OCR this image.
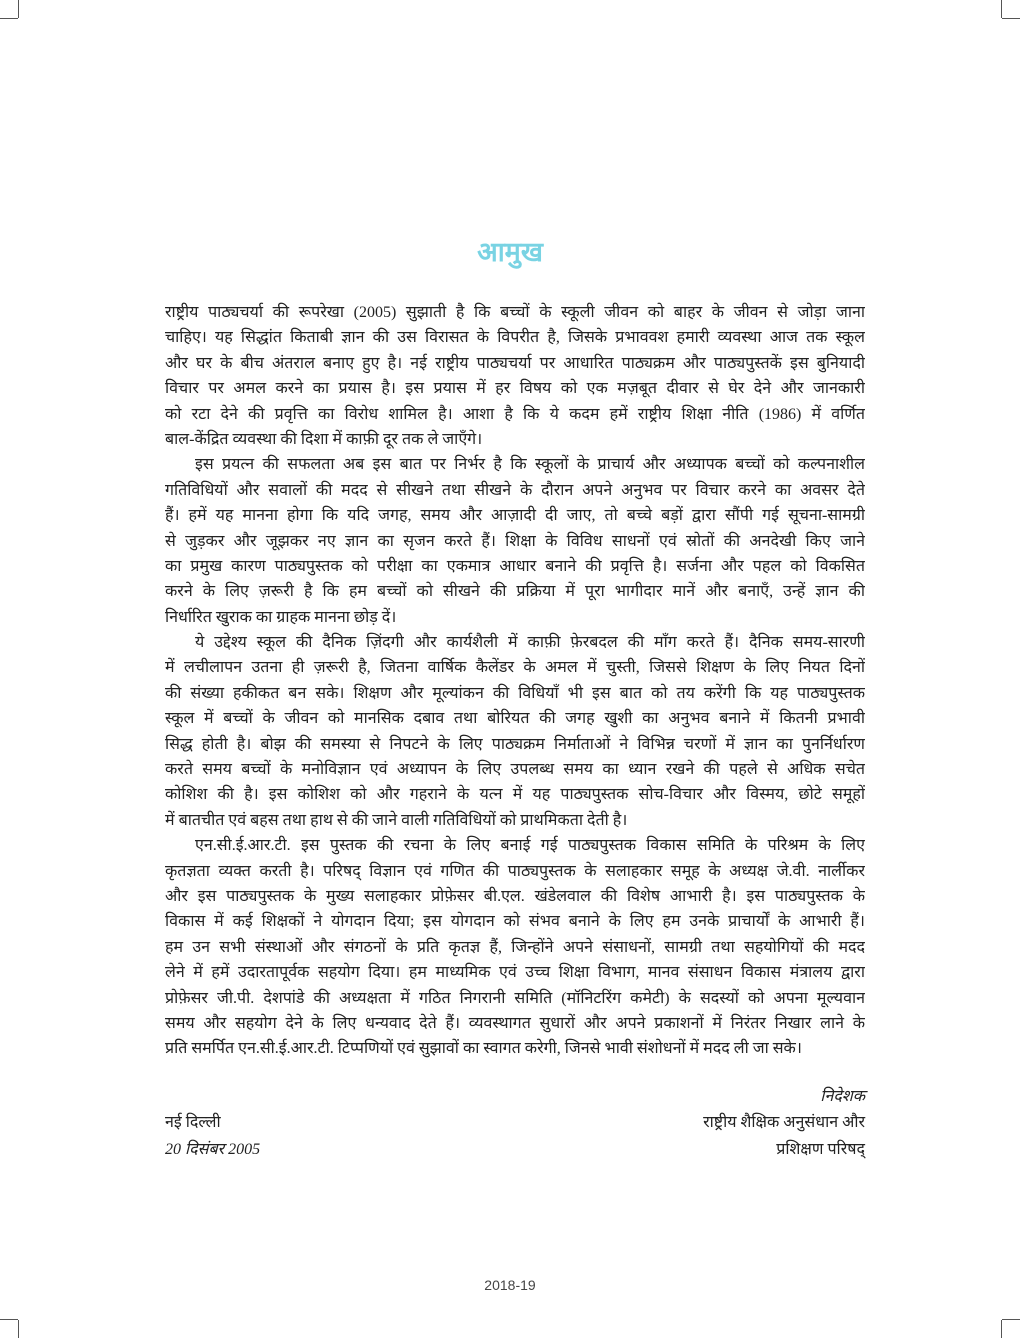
आमुख
राष्ट्रीय पाठ्यचर्या की रूपरेखा (2005) सुझाती है कि बच्चों के स्कूली जीवन को बाहर के जीवन से जोड़ा जाना
चाहिए। यह सिद्धांत किताबी ज्ञान की उस विरासत के विपरीत है, जिसके प्रभाववश हमारी व्यवस्था आज तक स्कूल
और घर के बीच अंतराल बनाए हुए है। नई राष्ट्रीय पाठ्यचर्या पर आधारित पाठ्यक्रम और पाठ्यपुस्तकें इस बुनियादी
विचार पर अमल करने का प्रयास है। इस प्रयास में हर विषय को एक मज़बूत दीवार से घेर देने और जानकारी
को रटा देने की प्रवृत्ति का विरोध शामिल है। आशा है कि ये कदम हमें राष्ट्रीय शिक्षा नीति (1986) में वर्णित
बाल-केंद्रित व्यवस्था की दिशा में काफ़ी दूर तक ले जाएँगे।
इस प्रयत्न की सफलता अब इस बात पर निर्भर है कि स्कूलों के प्राचार्य और अध्यापक बच्चों को कल्पनाशील
गतिविधियों और सवालों की मदद से सीखने तथा सीखने के दौरान अपने अनुभव पर विचार करने का अवसर देते
हैं। हमें यह मानना होगा कि यदि जगह, समय और आज़ादी दी जाए, तो बच्चे बड़ों द्वारा सौंपी गई सूचना-सामग्री
से जुड़कर और जूझकर नए ज्ञान का सृजन करते हैं। शिक्षा के विविध साधनों एवं स्रोतों की अनदेखी किए जाने
का प्रमुख कारण पाठ्यपुस्तक को परीक्षा का एकमात्र आधार बनाने की प्रवृत्ति है। सर्जना और पहल को विकसित
करने के लिए ज़रूरी है कि हम बच्चों को सीखने की प्रक्रिया में पूरा भागीदार मानें और बनाएँ, उन्हें ज्ञान की
निर्धारित खुराक का ग्राहक मानना छोड़ दें।
ये उद्देश्य स्कूल की दैनिक ज़िंदगी और कार्यशैली में काफ़ी फ़ेरबदल की माँग करते हैं। दैनिक समय-सारणी
में लचीलापन उतना ही ज़रूरी है, जितना वार्षिक कैलेंडर के अमल में चुस्ती, जिससे शिक्षण के लिए नियत दिनों
की संख्या हकीकत बन सके। शिक्षण और मूल्यांकन की विधियाँ भी इस बात को तय करेंगी कि यह पाठ्यपुस्तक
स्कूल में बच्चों के जीवन को मानसिक दबाव तथा बोरियत की जगह खुशी का अनुभव बनाने में कितनी प्रभावी
सिद्ध होती है। बोझ की समस्या से निपटने के लिए पाठ्यक्रम निर्माताओं ने विभिन्न चरणों में ज्ञान का पुनर्निर्धारण
करते समय बच्चों के मनोविज्ञान एवं अध्यापन के लिए उपलब्ध समय का ध्यान रखने की पहले से अधिक सचेत
कोशिश की है। इस कोशिश को और गहराने के यत्न में यह पाठ्यपुस्तक सोच-विचार और विस्मय, छोटे समूहों
में बातचीत एवं बहस तथा हाथ से की जाने वाली गतिविधियों को प्राथमिकता देती है।
एन.सी.ई.आर.टी. इस पुस्तक की रचना के लिए बनाई गई पाठ्यपुस्तक विकास समिति के परिश्रम के लिए
कृतज्ञता व्यक्त करती है। परिषद् विज्ञान एवं गणित की पाठ्यपुस्तक के सलाहकार समूह के अध्यक्ष जे.वी. नार्लीकर
और इस पाठ्यपुस्तक के मुख्य सलाहकार प्रोफ़ेसर बी.एल. खंडेलवाल की विशेष आभारी है। इस पाठ्यपुस्तक के
विकास में कई शिक्षकों ने योगदान दिया; इस योगदान को संभव बनाने के लिए हम उनके प्राचार्यों के आभारी हैं।
हम उन सभी संस्थाओं और संगठनों के प्रति कृतज्ञ हैं, जिन्होंने अपने संसाधनों, सामग्री तथा सहयोगियों की मदद
लेने में हमें उदारतापूर्वक सहयोग दिया। हम माध्यमिक एवं उच्च शिक्षा विभाग, मानव संसाधन विकास मंत्रालय द्वारा
प्रोफ़ेसर जी.पी. देशपांडे की अध्यक्षता में गठित निगरानी समिति (मॉनिटरिंग कमेटी) के सदस्यों को अपना मूल्यवान
समय और सहयोग देने के लिए धन्यवाद देते हैं। व्यवस्थागत सुधारों और अपने प्रकाशनों में निरंतर निखार लाने के
प्रति समर्पित एन.सी.ई.आर.टी. टिप्पणियों एवं सुझावों का स्वागत करेगी, जिनसे भावी संशोधनों में मदद ली जा सके।
निदेशक
राष्ट्रीय शैक्षिक अनुसंधान और
प्रशिक्षण परिषद्
नई दिल्ली
20 दिसंबर 2005
2018-19
